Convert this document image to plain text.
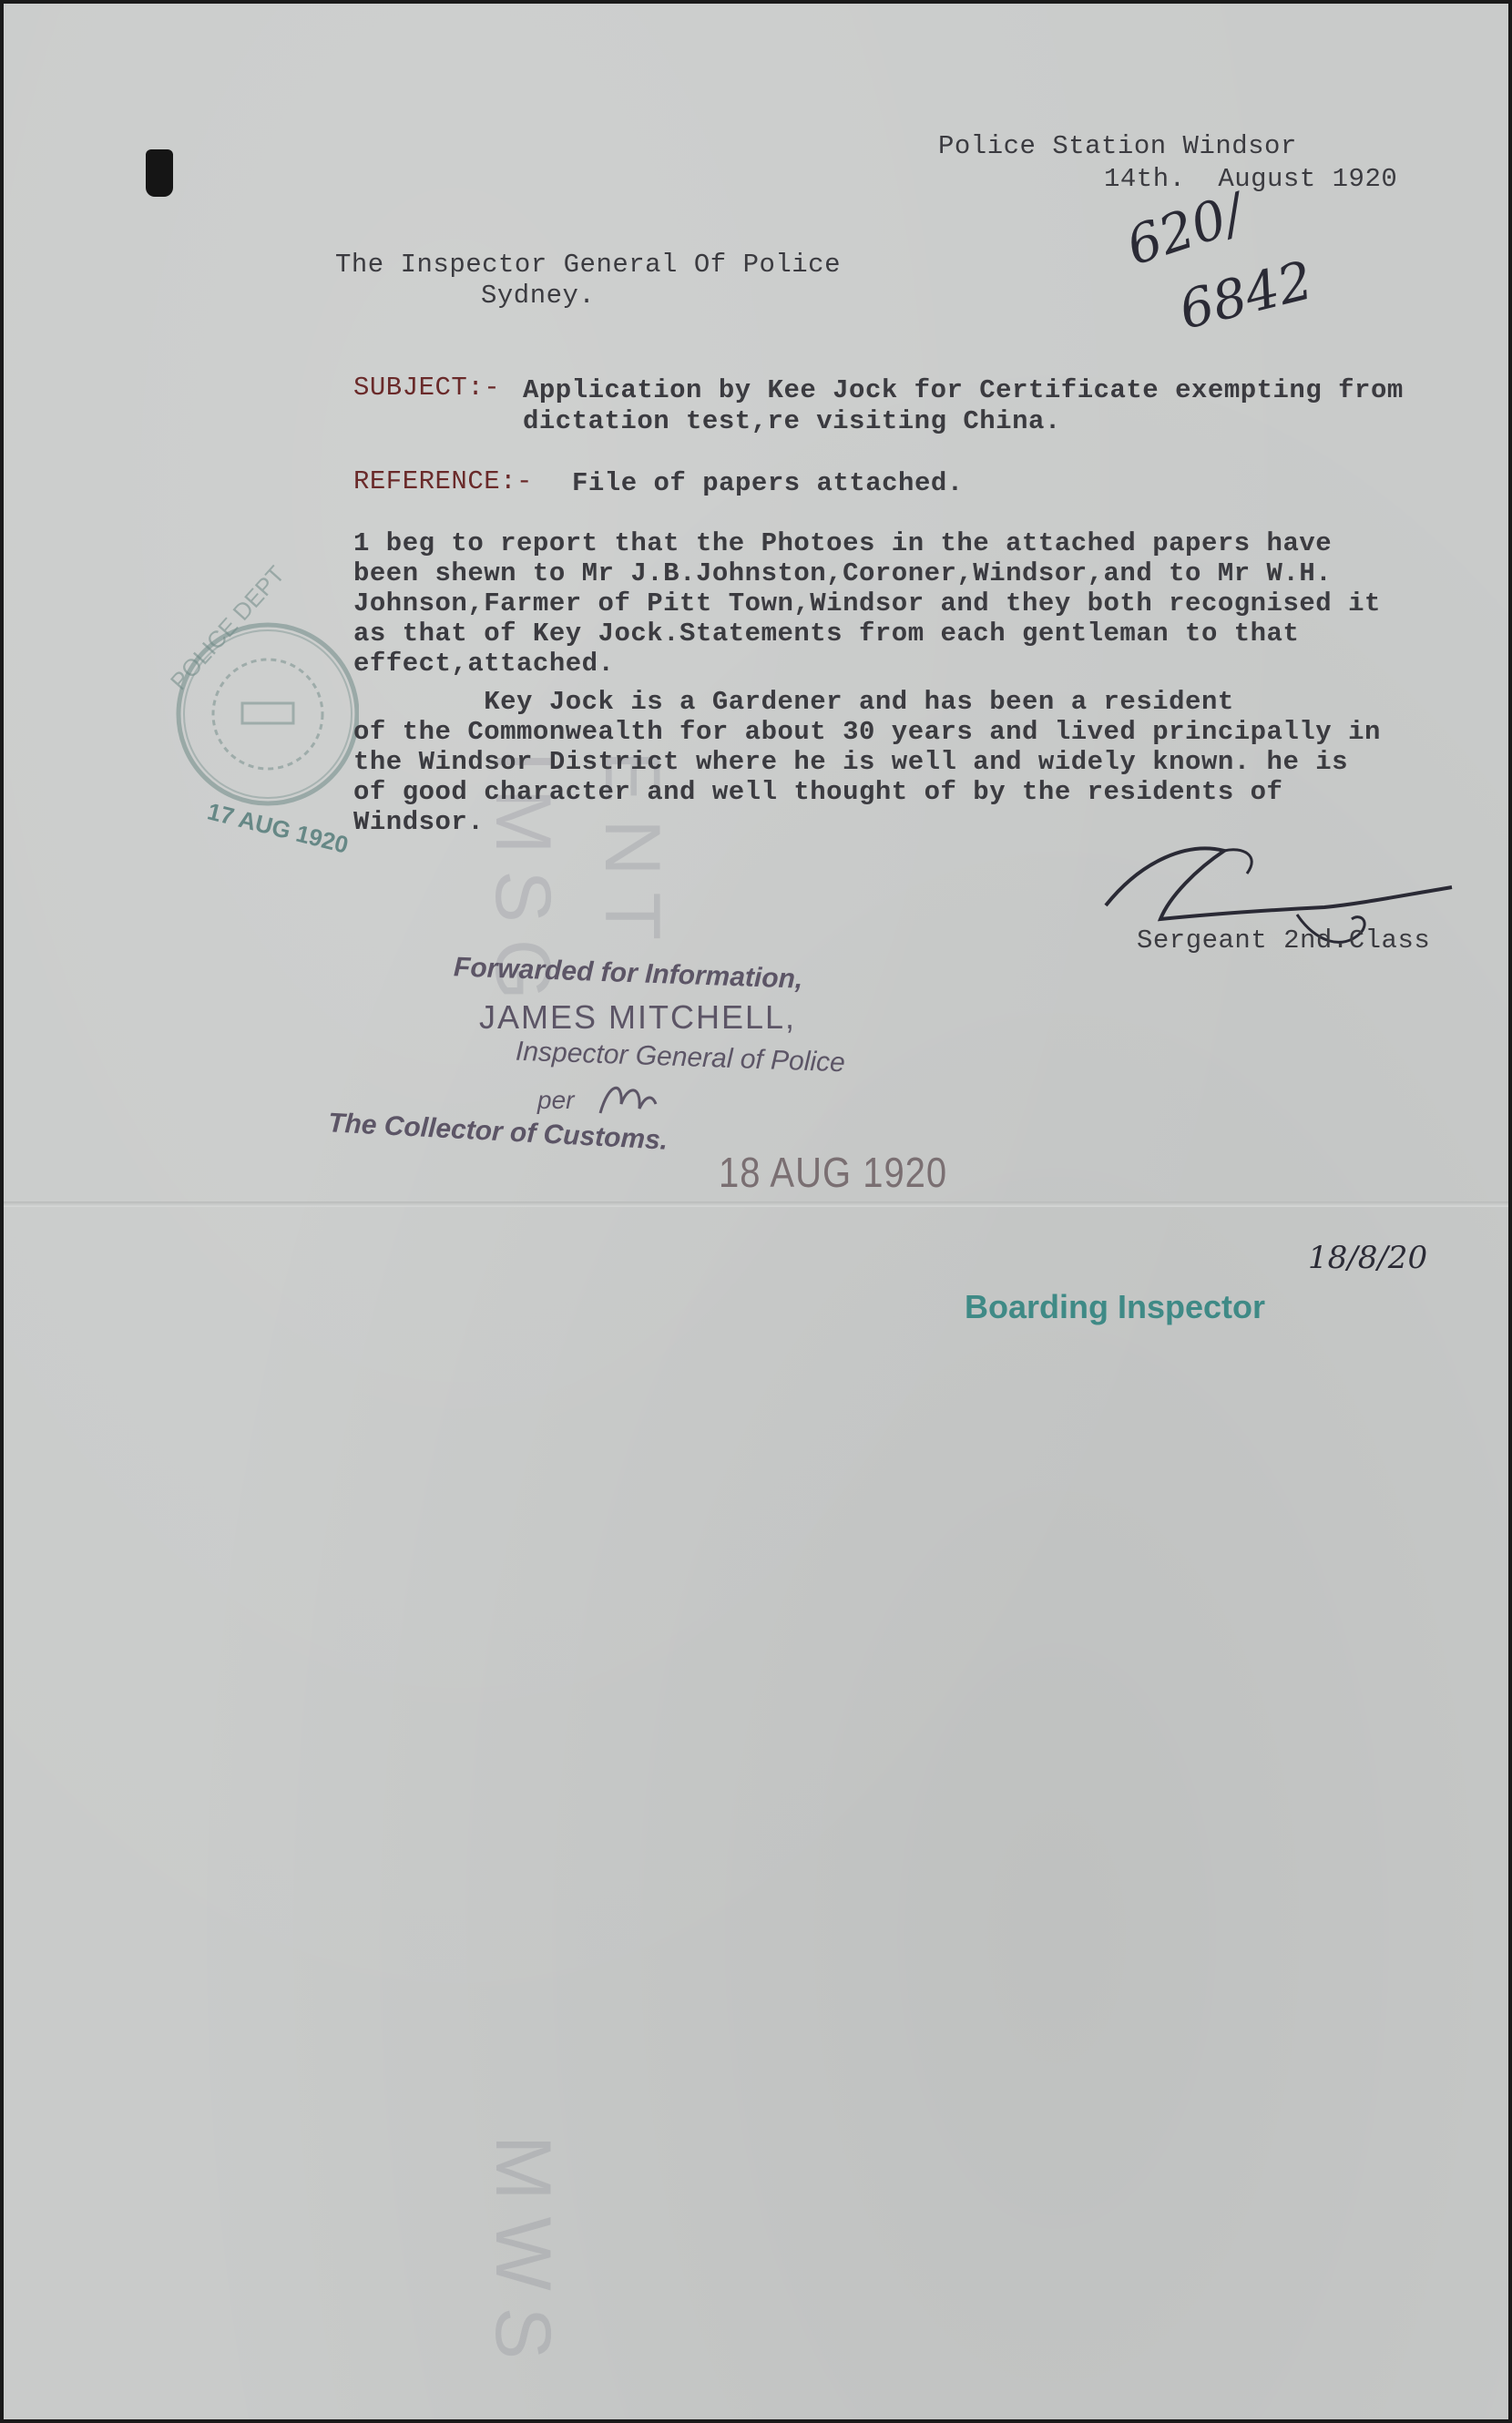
IMSG ENT
MWS
POLICE DEPT
17 AUG 1920
Police Station Windsor
14th.  August 1920
The Inspector General Of Police
Sydney.
620/
6842
SUBJECT:- Application by Kee Jock for Certificate exempting from
dictation test,re visiting China.
REFERENCE:- File of papers attached.
1 beg to report that the Photoes in the attached papers have
been shewn to Mr J.B.Johnston,Coroner,Windsor,and to Mr W.H.
Johnson,Farmer of Pitt Town,Windsor and they both recognised it
as that of Key Jock.Statements from each gentleman to that
effect,attached.
Key Jock is a Gardener and has been a resident
of the Commonwealth for about 30 years and lived principally in
the Windsor District where he is well and widely known. he is
of good character and well thought of by the residents of
Windsor.
Sergeant 2nd.Class
Forwarded for Information,
JAMES MITCHELL,
Inspector General of Police
per
The Collector of Customs.
18 AUG 1920
Boarding Inspector
18/8/20
